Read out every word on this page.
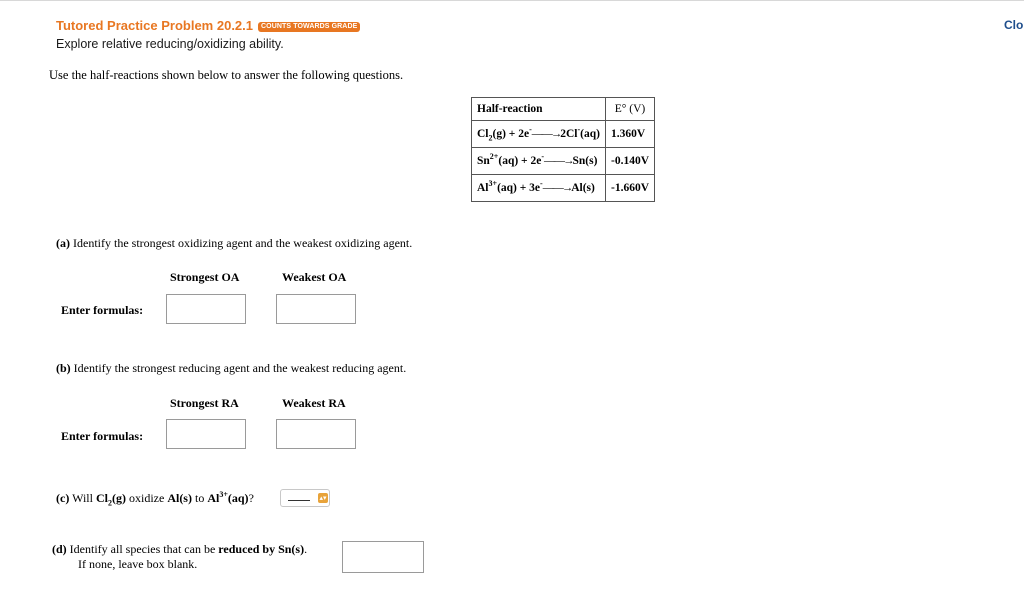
Tutored Practice Problem 20.2.1	COUNTS TOWARDS GRADE
Explore relative reducing/oxidizing ability.
Clo
Use the half-reactions shown below to answer the following questions.
Half-reaction	E° (V)
$Cl_2(g)$ + 2e-——→2Cl-(aq)	1.360V
$Sn^{2+}(aq)$ + 2e-——→Sn(s)	-0.140V
$Al^{3+}(aq)$ + 3e-——→Al(s)	-1.660V
(a) Identify the strongest oxidizing agent and the weakest oxidizing agent.
Strongest OA	Weakest OA
Enter formulas:
(b) Identify the strongest reducing agent and the weakest reducing agent.
Strongest RA	Weakest RA
Enter formulas:
(c) Will $Cl_2(g)$ oxidize Al(s) to $Al^{3+}(aq)$?	▴▾
(d) Identify all species that can be reduced by Sn(s).
If none, leave box blank.
